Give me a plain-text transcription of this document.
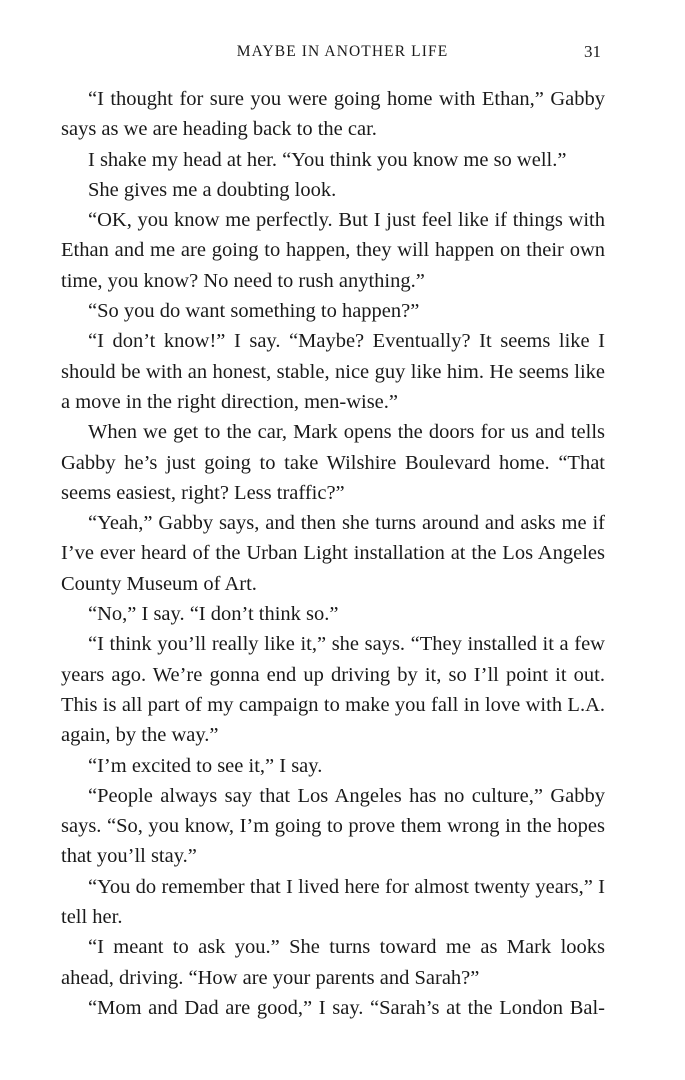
MAYBE IN ANOTHER LIFE	31

“I thought for sure you were going home with Ethan,” Gabby says as we are heading back to the car.

I shake my head at her. “You think you know me so well.”

She gives me a doubting look.

“OK, you know me perfectly. But I just feel like if things with Ethan and me are going to happen, they will happen on their own time, you know? No need to rush anything.”

“So you do want something to happen?”

“I don’t know!” I say. “Maybe? Eventually? It seems like I should be with an honest, stable, nice guy like him. He seems like a move in the right direction, men-wise.”

When we get to the car, Mark opens the doors for us and tells Gabby he’s just going to take Wilshire Boulevard home. “That seems easiest, right? Less traffic?”

“Yeah,” Gabby says, and then she turns around and asks me if I’ve ever heard of the Urban Light installation at the Los Angeles County Museum of Art.

“No,” I say. “I don’t think so.”

“I think you’ll really like it,” she says. “They installed it a few years ago. We’re gonna end up driving by it, so I’ll point it out. This is all part of my campaign to make you fall in love with L.A. again, by the way.”

“I’m excited to see it,” I say.

“People always say that Los Angeles has no culture,” Gabby says. “So, you know, I’m going to prove them wrong in the hopes that you’ll stay.”

“You do remember that I lived here for almost twenty years,” I tell her.

“I meant to ask you.” She turns toward me as Mark looks ahead, driving. “How are your parents and Sarah?”

“Mom and Dad are good,” I say. “Sarah’s at the London Bal-
